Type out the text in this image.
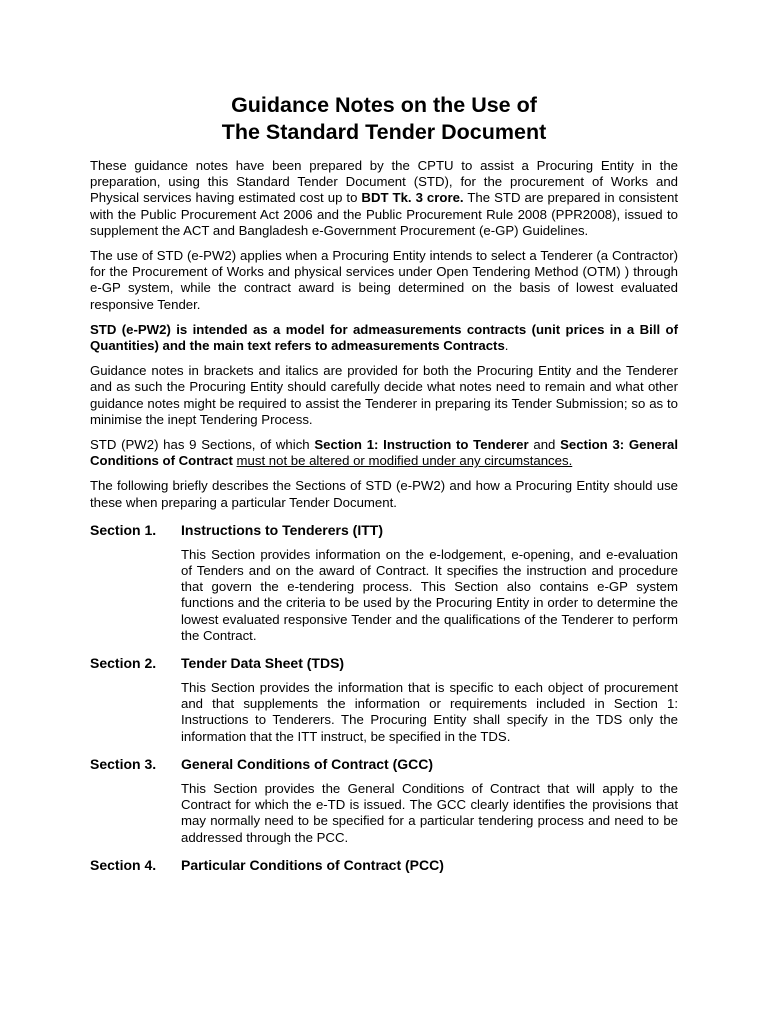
Guidance Notes on the Use of
The Standard Tender Document

These guidance notes have been prepared by the CPTU to assist a Procuring Entity in the preparation, using this Standard Tender Document (STD), for the procurement of Works and Physical services having estimated cost up to BDT Tk. 3 crore. The STD are prepared in consistent with the Public Procurement Act 2006 and the Public Procurement Rule 2008 (PPR2008), issued to supplement the ACT and Bangladesh e-Government Procurement (e-GP) Guidelines.

The use of STD (e-PW2) applies when a Procuring Entity intends to select a Tenderer (a Contractor) for the Procurement of Works and physical services under Open Tendering Method (OTM) ) through e-GP system, while the contract award is being determined on the basis of lowest evaluated responsive Tender.

STD (e-PW2) is intended as a model for admeasurements contracts (unit prices in a Bill of Quantities) and the main text refers to admeasurements Contracts.

Guidance notes in brackets and italics are provided for both the Procuring Entity and the Tenderer and as such the Procuring Entity should carefully decide what notes need to remain and what other guidance notes might be required to assist the Tenderer in preparing its Tender Submission; so as to minimise the inept Tendering Process.

STD (PW2) has 9 Sections, of which Section 1: Instruction to Tenderer and Section 3: General Conditions of Contract must not be altered or modified under any circumstances.

The following briefly describes the Sections of STD (e-PW2) and how a Procuring Entity should use these when preparing a particular Tender Document.

Section 1.	Instructions to Tenderers (ITT)

This Section provides information on the e-lodgement, e-opening, and e-evaluation of Tenders and on the award of Contract. It specifies the instruction and procedure that govern the e-tendering process. This Section also contains e-GP system functions and the criteria to be used by the Procuring Entity in order to determine the lowest evaluated responsive Tender and the qualifications of the Tenderer to perform the Contract.

Section 2.	Tender Data Sheet (TDS)

This Section provides the information that is specific to each object of procurement and that supplements the information or requirements included in Section 1: Instructions to Tenderers. The Procuring Entity shall specify in the TDS only the information that the ITT instruct, be specified in the TDS.

Section 3.	General Conditions of Contract (GCC)

This Section provides the General Conditions of Contract that will apply to the Contract for which the e-TD is issued. The GCC clearly identifies the provisions that may normally need to be specified for a particular tendering process and need to be addressed through the PCC.

Section 4.	Particular Conditions of Contract (PCC)
